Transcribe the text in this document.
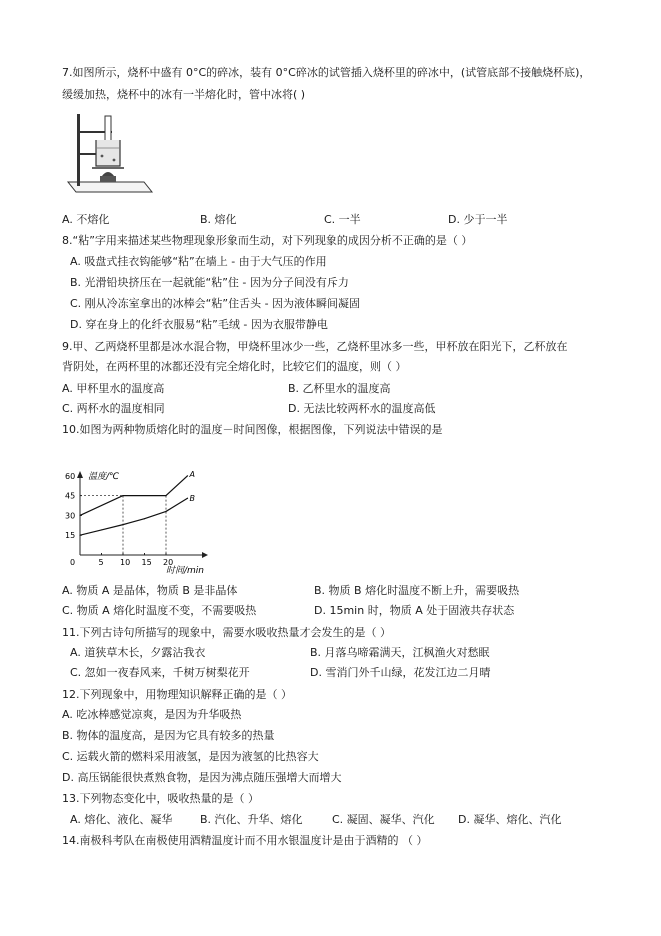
7.如图所示，烧杯中盛有 0°C的碎冰，装有 0°C碎冰的试管插入烧杯里的碎冰中，(试管底部不接触烧杯底)，
缓缓加热，烧杯中的冰有一半熔化时，管中冰将( )
A. 不熔化	B. 熔化	C. 一半	D. 少于一半
8.“粘”字用来描述某些物理现象形象而生动，对下列现象的成因分析不正确的是（ ）
A. 吸盘式挂衣钩能够“粘”在墙上 - 由于大气压的作用
B. 光滑铅块挤压在一起就能“粘”住 - 因为分子间没有斥力
C. 刚从冷冻室拿出的冰棒会“粘”住舌头 - 因为液体瞬间凝固
D. 穿在身上的化纤衣服易“粘”毛绒 - 因为衣服带静电
9.甲、乙两烧杯里都是冰水混合物，甲烧杯里冰少一些，乙烧杯里冰多一些，甲杯放在阳光下，乙杯放在
背阴处，在两杯里的冰都还没有完全熔化时，比较它们的温度，则（ ）
A. 甲杯里水的温度高	B. 乙杯里水的温度高
C. 两杯水的温度相同	D. 无法比较两杯水的温度高低
10.如图为两种物质熔化时的温度－时间图像，根据图像，下列说法中错误的是
0	5 10 15 20
15
30
45
60	A
B
温度/℃
时间/min
A. 物质 A 是晶体，物质 B 是非晶体	B. 物质 B 熔化时温度不断上升，需要吸热
C. 物质 A 熔化时温度不变，不需要吸热	D. 15min 时，物质 A 处于固液共存状态
11.下列古诗句所描写的现象中，需要水吸收热量才会发生的是（ ）
A. 道狭草木长，夕露沾我衣	B. 月落乌啼霜满天，江枫渔火对愁眠
C. 忽如一夜春风来，千树万树梨花开	D. 雪消门外千山绿，花发江边二月晴
12.下列现象中，用物理知识解释正确的是（ ）
A. 吃冰棒感觉凉爽，是因为升华吸热
B. 物体的温度高，是因为它具有较多的热量
C. 运载火箭的燃料采用液氢，是因为液氢的比热容大
D. 高压锅能很快煮熟食物，是因为沸点随压强增大而增大
13.下列物态变化中，吸收热量的是（ ）
A. 熔化、液化、凝华	B. 汽化、升华、熔化	C. 凝固、凝华、汽化 D. 凝华、熔化、汽化
14.南极科考队在南极使用酒精温度计而不用水银温度计是由于酒精的 （ ）
